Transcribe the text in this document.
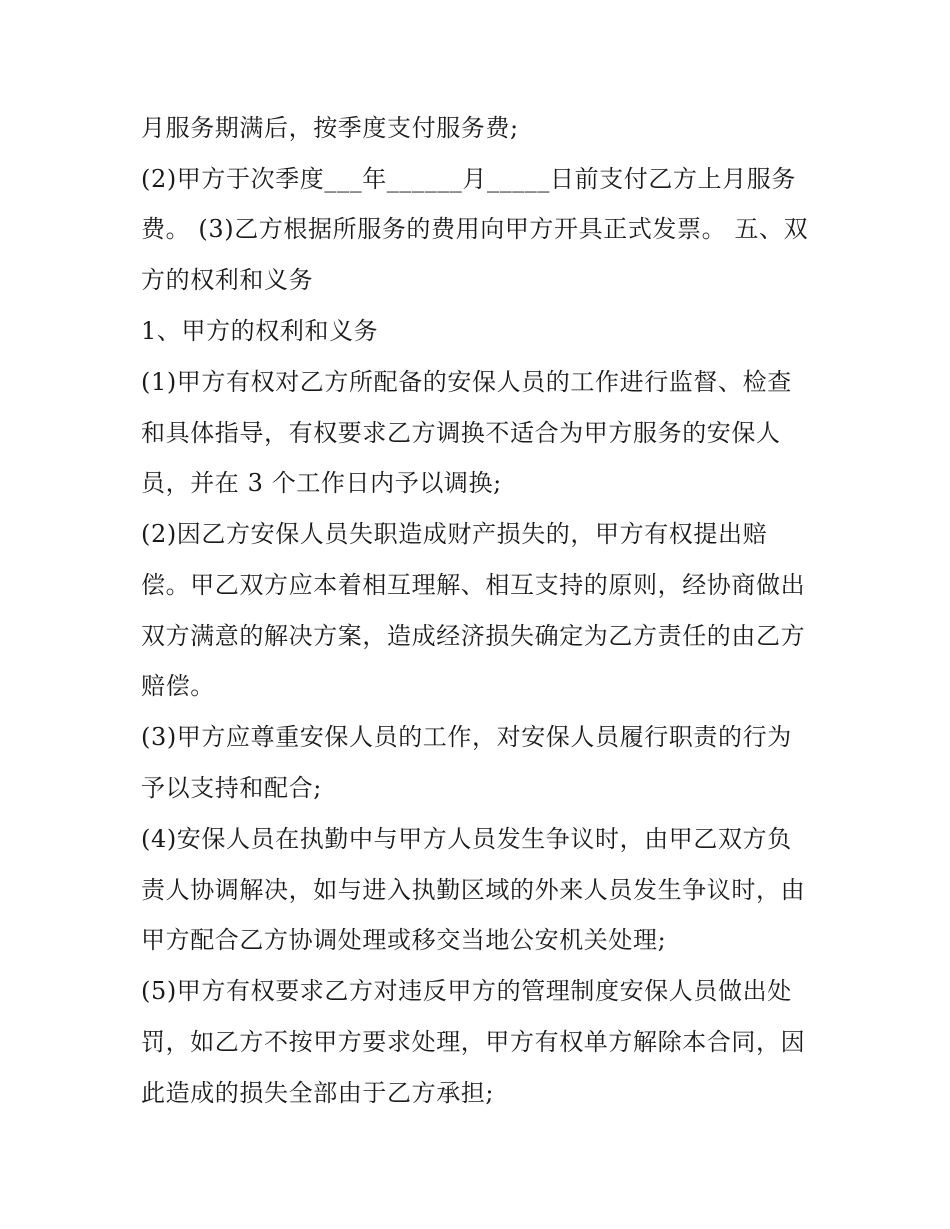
月服务期满后，按季度支付服务费;
(2)甲方于次季度___年______月_____日前支付乙方上月服务
费。 (3)乙方根据所服务的费用向甲方开具正式发票。 五、双
方的权利和义务
1、甲方的权利和义务
(1)甲方有权对乙方所配备的安保人员的工作进行监督、检查
和具体指导，有权要求乙方调换不适合为甲方服务的安保人
员，并在 3 个工作日内予以调换;
(2)因乙方安保人员失职造成财产损失的，甲方有权提出赔
偿。甲乙双方应本着相互理解、相互支持的原则，经协商做出
双方满意的解决方案，造成经济损失确定为乙方责任的由乙方
赔偿。
(3)甲方应尊重安保人员的工作，对安保人员履行职责的行为
予以支持和配合;
(4)安保人员在执勤中与甲方人员发生争议时，由甲乙双方负
责人协调解决，如与进入执勤区域的外来人员发生争议时，由
甲方配合乙方协调处理或移交当地公安机关处理;
(5)甲方有权要求乙方对违反甲方的管理制度安保人员做出处
罚，如乙方不按甲方要求处理，甲方有权单方解除本合同，因
此造成的损失全部由于乙方承担;
